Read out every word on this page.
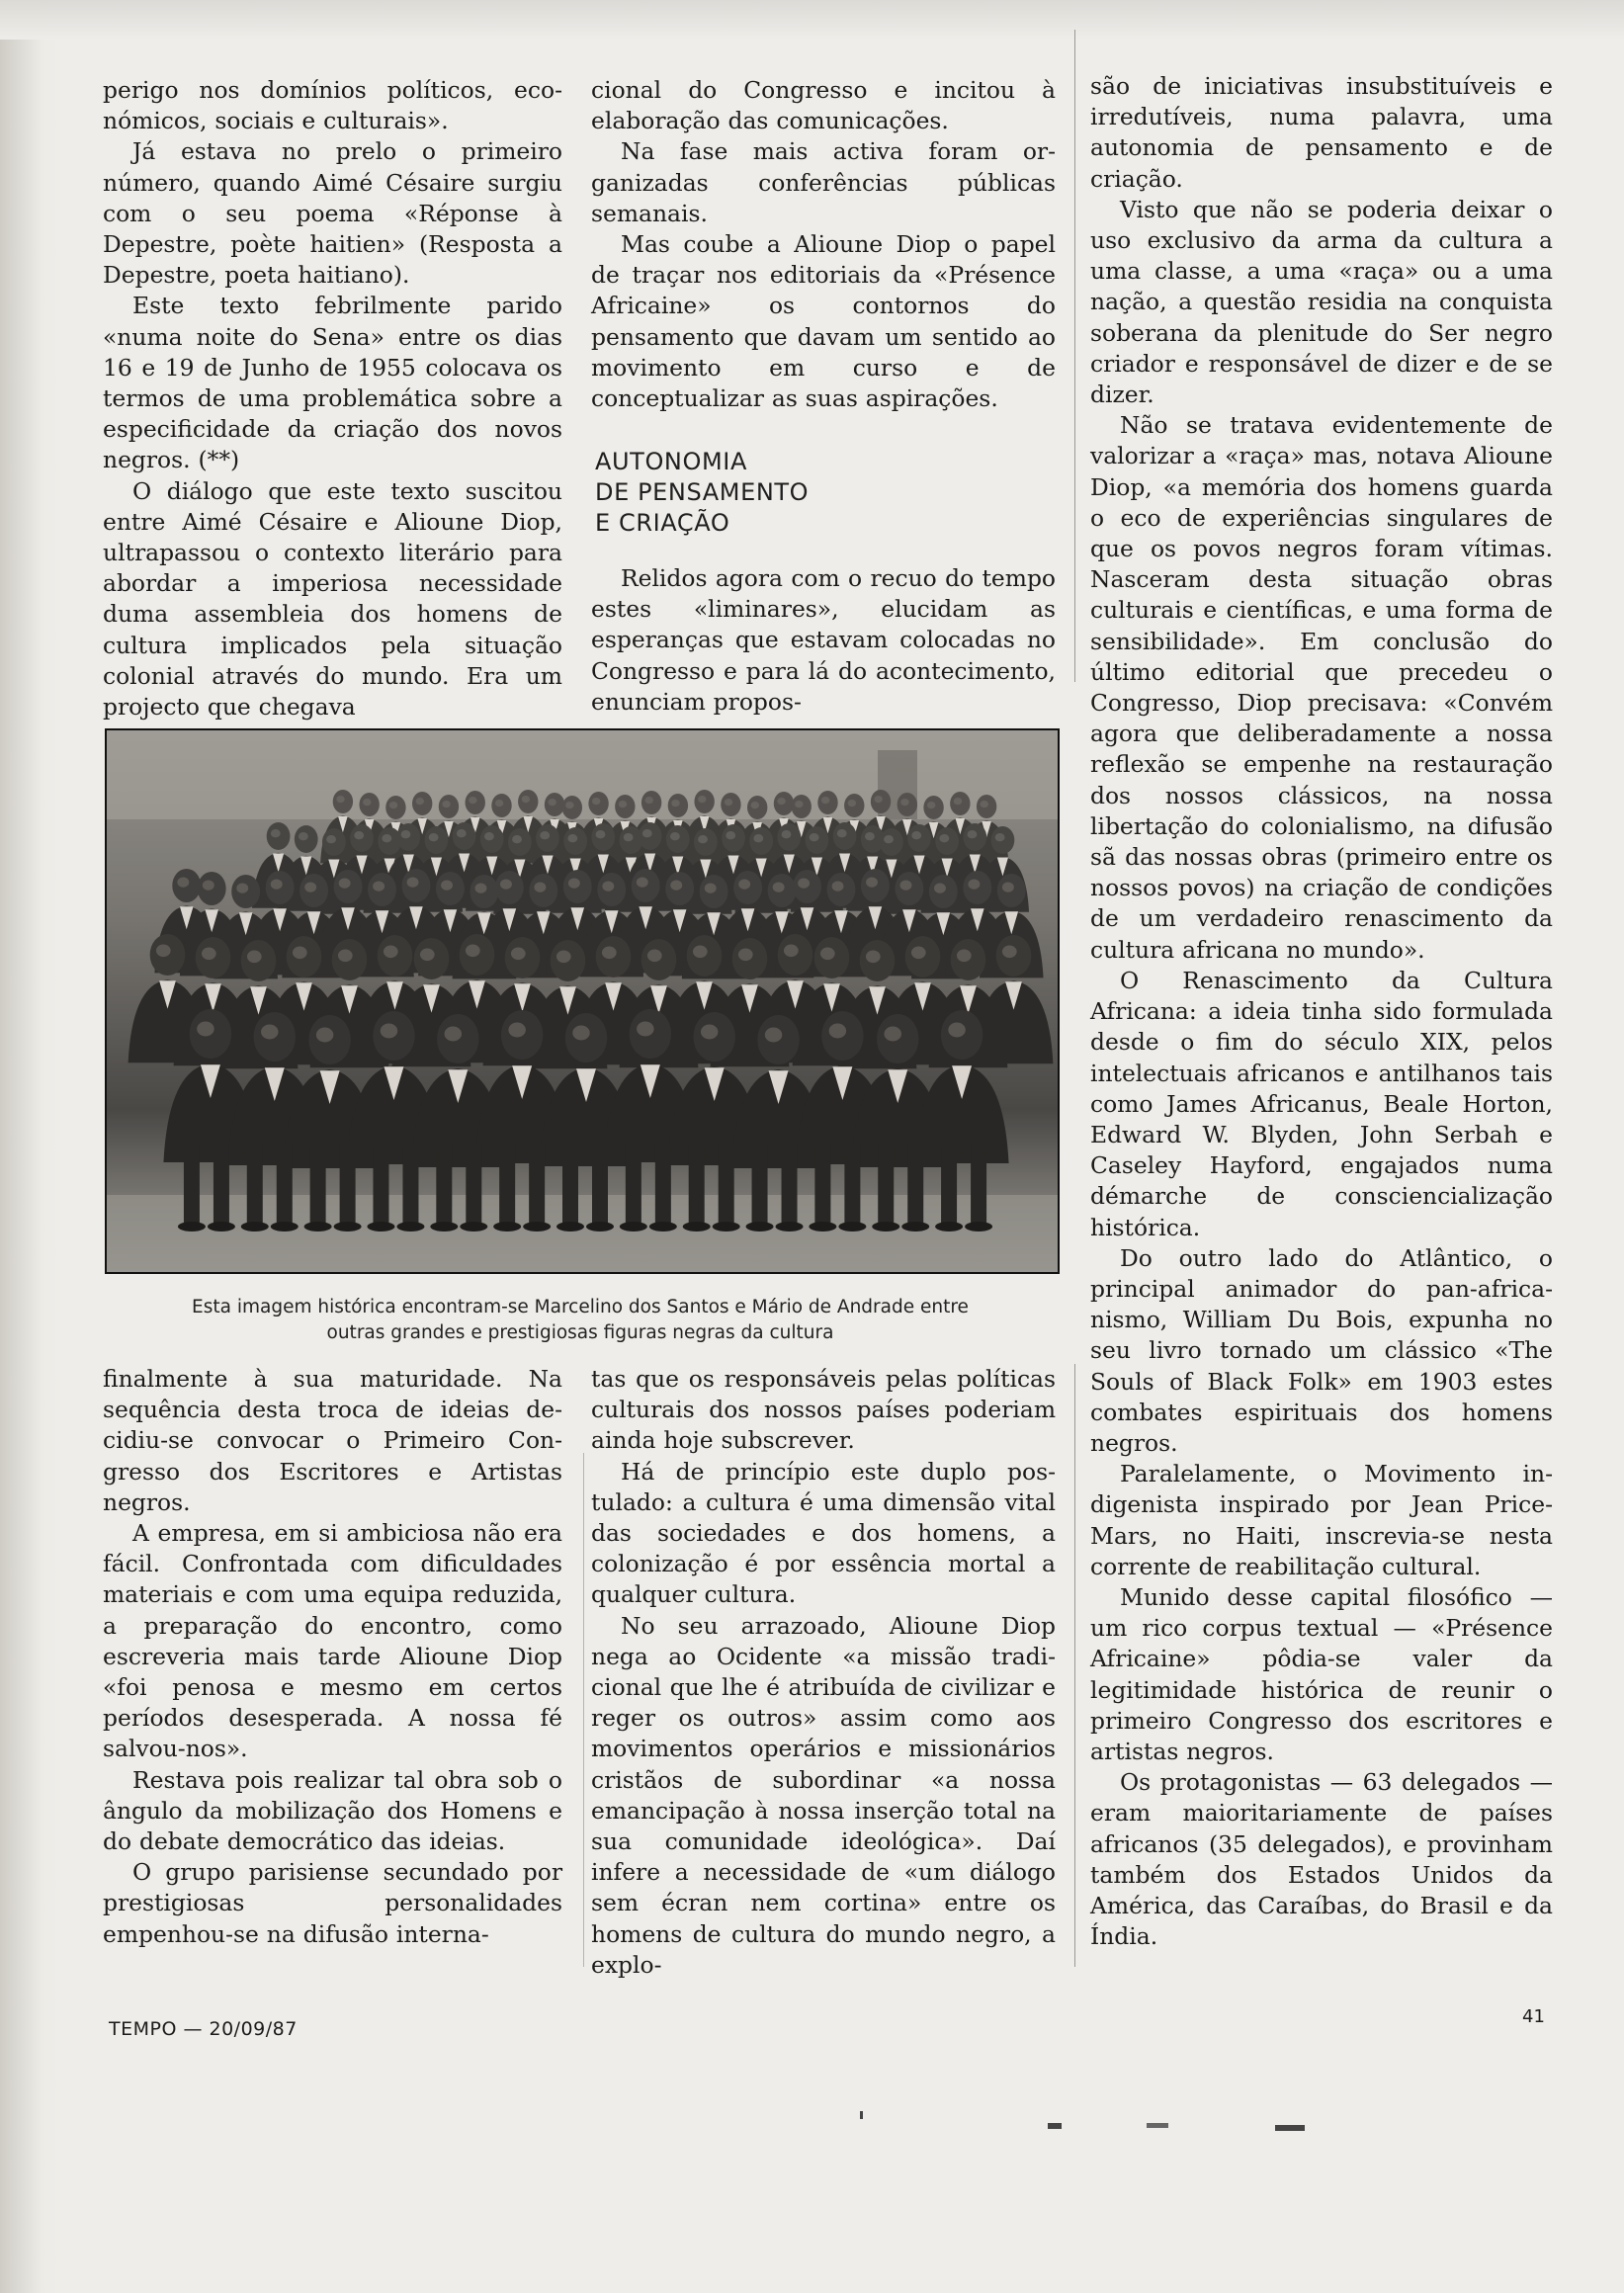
perigo nos domínios políticos, económicos, sociais e culturais».

Já estava no prelo o primeiro número, quando Aimé Césaire surgiu com o seu poema «Réponse à Depestre, poète haitien» (Resposta a Depestre, poeta haitiano).

Este texto febrilmente parido «numa noite do Sena» entre os dias 16 e 19 de Junho de 1955 colocava os termos de uma problemática sobre a especificidade da criação dos novos negros. (**)

O diálogo que este texto suscitou entre Aimé Césaire e Alioune Diop, ultrapassou o contexto literário para abordar a imperiosa necessidade duma assembleia dos homens de cultura implicados pela situação colonial através do mundo. Era um projecto que chegava

cional do Congresso e incitou à elaboração das comunicações.

Na fase mais activa foram organizadas conferências públicas semanais.

Mas coube a Alioune Diop o papel de traçar nos editoriais da «Présence Africaine» os contornos do pensamento que davam um sentido ao movimento em curso e de conceptualizar as suas aspirações.

AUTONOMIA
DE PENSAMENTO
E CRIAÇÃO

Relidos agora com o recuo do tempo estes «liminares», elucidam as esperanças que estavam colocadas no Congresso e para lá do acontecimento, enunciam propos-

são de iniciativas insubstituíveis e irredutíveis, numa palavra, uma autonomia de pensamento e de criação.

Visto que não se poderia deixar o uso exclusivo da arma da cultura a uma classe, a uma «raça» ou a uma nação, a questão residia na conquista soberana da plenitude do Ser negro criador e responsável de dizer e de se dizer.

Não se tratava evidentemente de valorizar a «raça» mas, notava Alioune Diop, «a memória dos homens guarda o eco de experiências singulares de que os povos negros foram vítimas. Nasceram desta situação obras culturais e científicas, e uma forma de sensibilidade». Em conclusão do último editorial que precedeu o Congresso, Diop precisava: «Convém agora que deliberadamente a nossa reflexão se empenhe na restauração dos nossos clássicos, na nossa libertação do colonialismo, na difusão sã das nossas obras (primeiro entre os nossos povos) na criação de condições de um verdadeiro renascimento da cultura africana no mundo».

O Renascimento da Cultura Africana: a ideia tinha sido formulada desde o fim do século XIX, pelos intelectuais africanos e antilhanos tais como James Africanus, Beale Horton, Edward W. Blyden, John Serbah e Caseley Hayford, engajados numa démarche de consciencialização histórica.

Do outro lado do Atlântico, o principal animador do pan-africanismo, William Du Bois, expunha no seu livro tornado um clássico «The Souls of Black Folk» em 1903 estes combates espirituais dos homens negros.

Paralelamente, o Movimento indigenista inspirado por Jean Price-Mars, no Haiti, inscrevia-se nesta corrente de reabilitação cultural.

Munido desse capital filosófico — um rico corpus textual — «Présence Africaine» pôdia-se valer da legitimidade histórica de reunir o primeiro Congresso dos escritores e artistas negros.

Os protagonistas — 63 delegados — eram maioritariamente de países africanos (35 delegados), e provinham também dos Estados Unidos da América, das Caraíbas, do Brasil e da Índia.

Esta imagem histórica encontram-se Marcelino dos Santos e Mário de Andrade entre
outras grandes e prestigiosas figuras negras da cultura

finalmente à sua maturidade. Na sequência desta troca de ideias decidiu-se convocar o Primeiro Congresso dos Escritores e Artistas negros.

A empresa, em si ambiciosa não era fácil. Confrontada com dificuldades materiais e com uma equipa reduzida, a preparação do encontro, como escreveria mais tarde Alioune Diop «foi penosa e mesmo em certos períodos desesperada. A nossa fé salvou-nos».

Restava pois realizar tal obra sob o ângulo da mobilização dos Homens e do debate democrático das ideias.

O grupo parisiense secundado por prestigiosas personalidades empenhou-se na difusão interna-

tas que os responsáveis pelas políticas culturais dos nossos países poderiam ainda hoje subscrever.

Há de princípio este duplo postulado: a cultura é uma dimensão vital das sociedades e dos homens, a colonização é por essência mortal a qualquer cultura.

No seu arrazoado, Alioune Diop nega ao Ocidente «a missão tradicional que lhe é atribuída de civilizar e reger os outros» assim como aos movimentos operários e missionários cristãos de subordinar «a nossa emancipação à nossa inserção total na sua comunidade ideológica». Daí infere a necessidade de «um diálogo sem écran nem cortina» entre os homens de cultura do mundo negro, a explo-

TEMPO — 20/09/87
41
